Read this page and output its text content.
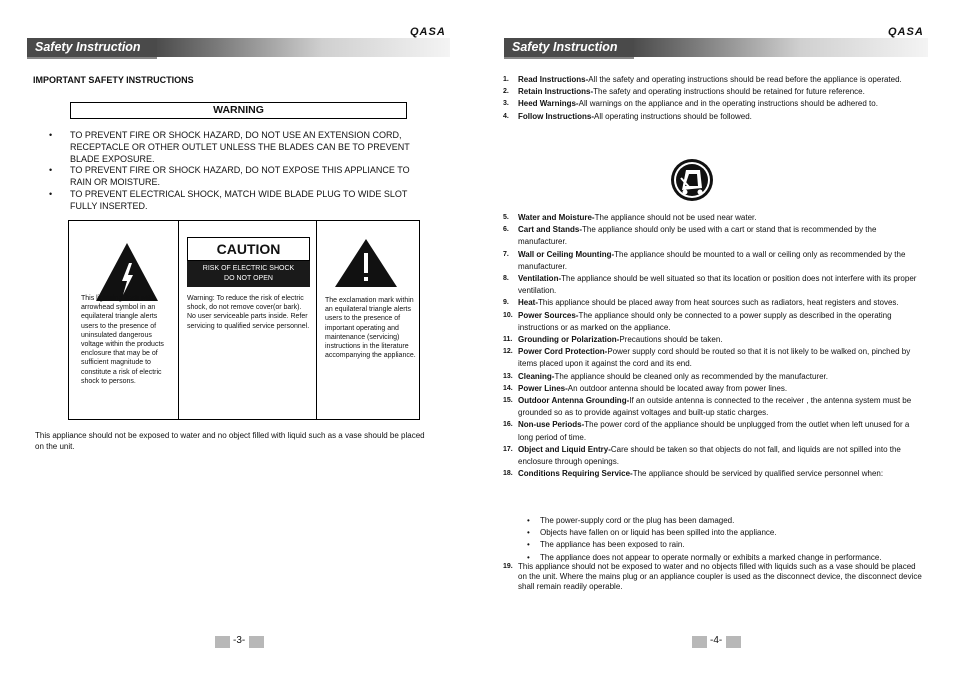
QASA
Safety Instruction
IMPORTANT SAFETY INSTRUCTIONS
WARNING
•	TO PREVENT FIRE OR SHOCK HAZARD, DO NOT USE AN EXTENSION CORD, RECEPTACLE OR OTHER OUTLET UNLESS THE BLADES CAN BE TO PREVENT BLADE EXPOSURE.
•	TO PREVENT FIRE OR SHOCK HAZARD, DO NOT EXPOSE THIS APPLIANCE TO RAIN OR MOISTURE.
•	TO PREVENT ELECTRICAL SHOCK, MATCH WIDE BLADE PLUG TO WIDE SLOT FULLY INSERTED.
This lightning flash with arrowhead symbol in an equilateral triangle alerts users to the presence of uninsulated dangerous voltage within the products enclosure that may be of sufficient magnitude to constitute a risk of electric shock to persons.
CAUTION
RISK OF ELECTRIC SHOCK
DO NOT OPEN
Warning: To reduce the risk of electric shock, do not remove cover(or bark). No user serviceable parts inside. Refer servicing to qualified service personnel.
The exclamation mark within an equilateral triangle alerts users to the presence of important operating and maintenance (servicing) instructions in the literature accompanying the appliance.
This appliance should not be exposed to water and no object filled with liquid such as a vase should be placed on the unit.
-3-
QASA
Safety Instruction
1.	Read Instructions-All the safety and operating instructions should be read before the appliance is operated.
2.	Retain Instructions-The safety and operating instructions should be retained for future reference.
3.	Heed Warnings-All warnings on the appliance and in the operating instructions should be adhered to.
4.	Follow Instructions-All operating instructions should be followed.
5.	Water and Moisture-The appliance should not be used near water.
6.	Cart and Stands-The appliance should only be used with a cart or stand that is recommended by the manufacturer.
7.	Wall or Ceiling Mounting-The appliance should be mounted to a wall or ceiling only as recommended by the manufacturer.
8.	Ventilation-The appliance should be well situated so that its location or position does not interfere with its proper ventilation.
9.	Heat-This appliance should be placed away from heat sources such as radiators, heat registers and stoves.
10. Power Sources-The appliance should only be connected to a power supply as described in the operating instructions or as marked on the appliance.
11. Grounding or Polarization-Precautions should be taken.
12. Power Cord Protection-Power supply cord should be routed so that it is not likely to be walked on, pinched by items placed upon it against the cord and its end.
13. Cleaning-The appliance should be cleaned only as recommended by the manufacturer.
14. Power Lines-An outdoor antenna should be located away from power lines.
15. Outdoor Antenna Grounding-If an outside antenna is connected to the receiver , the antenna system must be grounded so as to provide against voltages and built-up static charges.
16. Non-use Periods-The power cord of the appliance should be unplugged from the outlet when left unused for a long period of time.
17. Object and Liquid Entry-Care should be taken so that objects do not fall, and liquids are not spilled into the enclosure through openings.
18. Conditions Requiring Service-The appliance should be serviced by qualified service personnel when:
•	The power-supply cord or the plug has been damaged.
•	Objects have fallen on or liquid has been spilled into the appliance.
•	The appliance has been exposed to rain.
•	The appliance does not appear to operate normally or exhibits a marked change in performance.
19. This appliance should not be exposed to water and no objects filled with liquids such as a vase should be placed on the unit. Where the mains plug or an appliance coupler is used as the disconnect device, the disconnect device shall remain readily operable.
-4-
